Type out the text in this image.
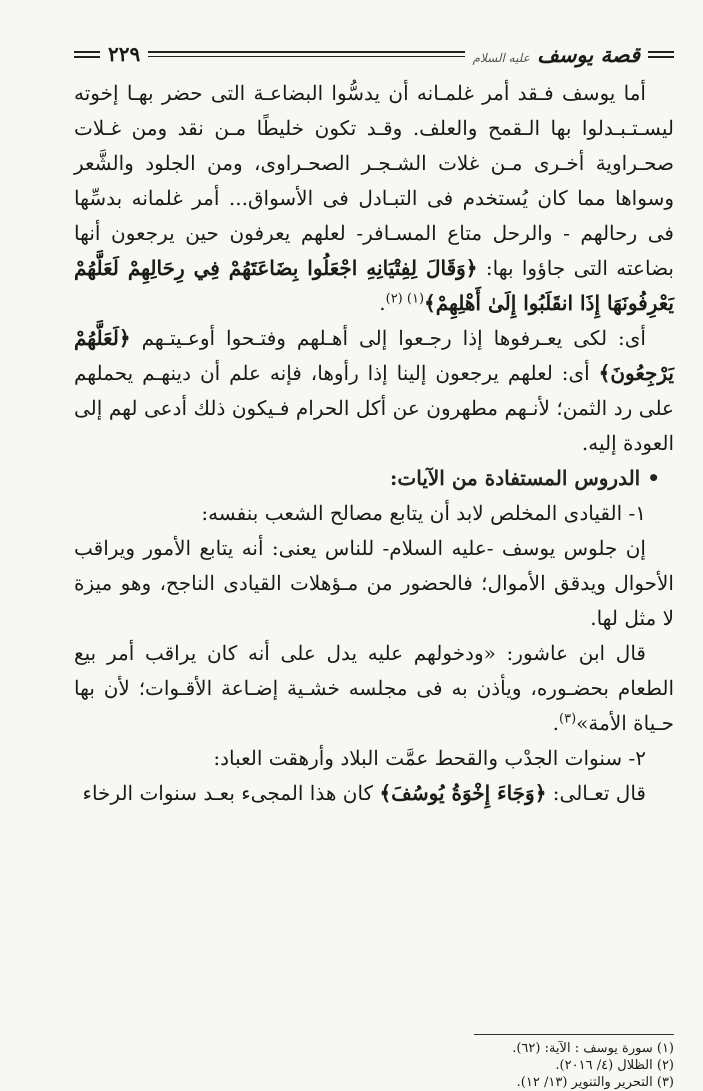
قصة يوسف عليه السلام
٢٢٩

أما يوسف فـقد أمر غلمـانه أن يدسُّوا البضاعـة التى حضر بهـا إخوته ليسـتـبـدلوا بها الـقمح والعلف. وقـد تكون خليطًا مـن نقد ومن غـلات صحـراوية أخـرى مـن غلات الشـجـر الصحـراوى، ومن الجلود والشَّعر وسواها مما كان يُستخدم فى التبـادل فى الأسواق... أمر غلمانه بدسِّها فى رحالهم - والرحل متاع المسـافر- لعلهم يعرفون حين يرجعون أنها بضاعته التى جاؤوا بها: ﴿وَقَالَ لِفِتْيَانِهِ اجْعَلُوا بِضَاعَتَهُمْ فِي رِحَالِهِمْ لَعَلَّهُمْ يَعْرِفُونَهَا إِذَا انقَلَبُوا إِلَىٰ أَهْلِهِمْ﴾$^{(١) (٢)}$.

أى: لكى يعـرفوها إذا رجـعوا إلى أهـلهم وفتـحوا أوعـيتـهم ﴿لَعَلَّهُمْ يَرْجِعُونَ﴾ أى: لعلهم يرجعون إلينا إذا رأوها، فإنه علم أن دينهـم يحملهم على رد الثمن؛ لأنـهم مطهرون عن أكل الحرام فـيكون ذلك أدعى لهم إلى العودة إليه.

• الدروس المستفادة من الآيات:

١- القيادى المخلص لابد أن يتابع مصالح الشعب بنفسه:

إن جلوس يوسف -عليه السلام- للناس يعنى: أنه يتابع الأمور ويراقب الأحوال ويدقق الأموال؛ فالحضور من مـؤهلات القيادى الناجح، وهو ميزة لا مثل لها.

قال ابن عاشور: «ودخولهم عليه يدل على أنه كان يراقب أمر بيع الطعام بحضـوره، ويأذن به فى مجلسه خشـية إضـاعة الأقـوات؛ لأن بها حـياة الأمة»$^{(٣)}$.

٢- سنوات الجدْب والقحط عمَّت البلاد وأرهقت العباد:

قال تعـالى: ﴿وَجَاءَ إِخْوَةُ يُوسُفَ﴾ كان هذا المجىء بعـد سنوات الرخاء

(١) سورة يوسف : الآية: (٦٢).
(٢) الظلال (٤/ ٢٠١٦).
(٣) التحرير والتنوير (١٣/ ١٢).
